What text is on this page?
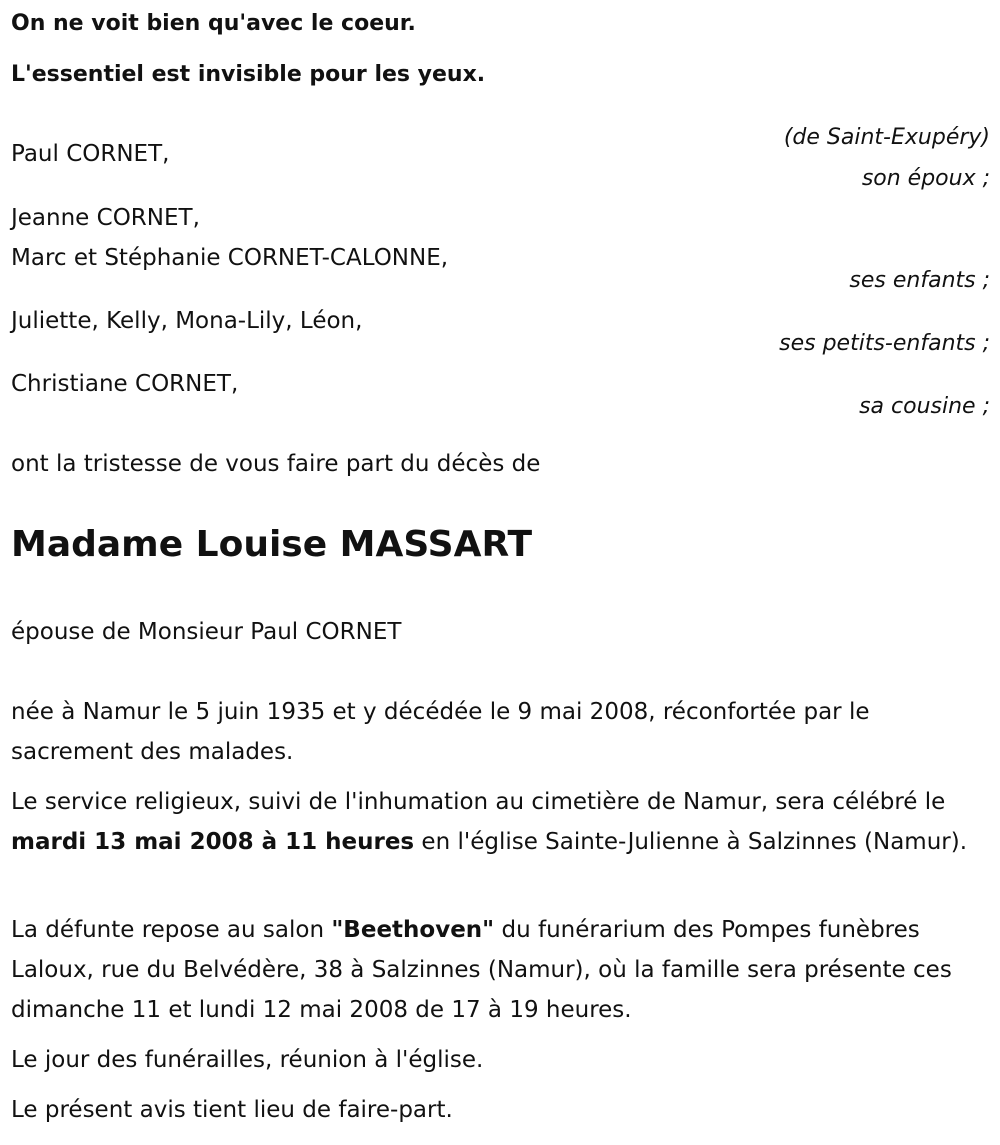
On ne voit bien qu'avec le coeur.
L'essentiel est invisible pour les yeux.
(de Saint-Exupéry)
Paul CORNET,
son époux ;
Jeanne CORNET,
Marc et Stéphanie CORNET-CALONNE,
ses enfants ;
Juliette, Kelly, Mona-Lily, Léon,
ses petits-enfants ;
Christiane CORNET,
sa cousine ;
ont la tristesse de vous faire part du décès de
Madame Louise MASSART
épouse de Monsieur Paul CORNET
née à Namur le 5 juin 1935 et y décédée le 9 mai 2008, réconfortée par le sacrement des malades.
Le service religieux, suivi de l'inhumation au cimetière de Namur, sera célébré le mardi 13 mai 2008 à 11 heures en l'église Sainte-Julienne à Salzinnes (Namur).
La défunte repose au salon "Beethoven" du funérarium des Pompes funèbres Laloux, rue du Belvédère, 38 à Salzinnes (Namur), où la famille sera présente ces dimanche 11 et lundi 12 mai 2008 de 17 à 19 heures.
Le jour des funérailles, réunion à l'église.
Le présent avis tient lieu de faire-part.
